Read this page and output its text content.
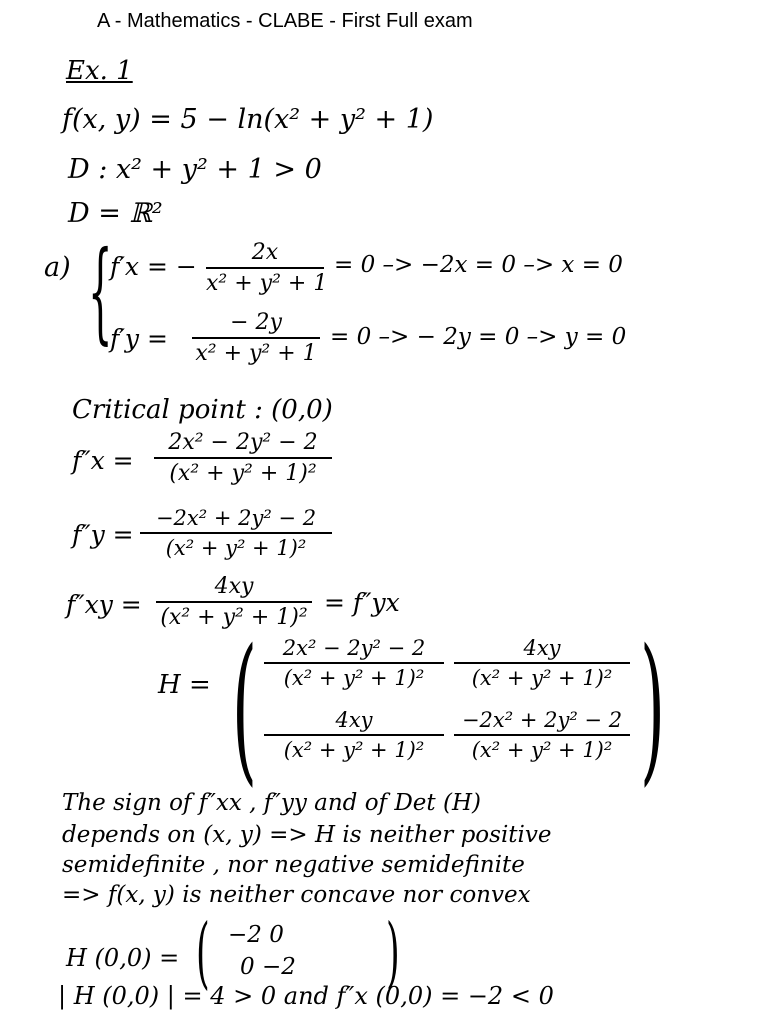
A - Mathematics - CLABE - First Full exam
Ex. 1
f(x, y) = 5 − ln(x² + y² + 1)
D : x² + y² + 1 > 0
D = ℝ²
a) {
f′x = −	2x
x² + y² + 1
= 0 –> −2x = 0 –> x = 0
f′y =
− 2y
x² + y² + 1
= 0 –> − 2y = 0 –> y = 0
Critical point : (0,0)
f″x =
2x² − 2y² − 2
(x² + y² + 1)²
f″y =
−2x² + 2y² − 2
(x² + y² + 1)²
f″xy =
4xy
(x² + y² + 1)²
= f″yx
H = ( )
2x² − 2y² − 2
(x² + y² + 1)²
4xy
(x² + y² + 1)²
4xy
(x² + y² + 1)²
−2x² + 2y² − 2
(x² + y² + 1)²
The sign of f″xx , f″yy and of Det (H)
depends on (x, y) => H is neither positive
semidefinite , nor negative semidefinite
=> f(x, y) is neither concave nor convex
H (0,0) = ( −2 0
0 −2 )
| H (0,0) | = 4 > 0 and f″x (0,0) = −2 < 0
